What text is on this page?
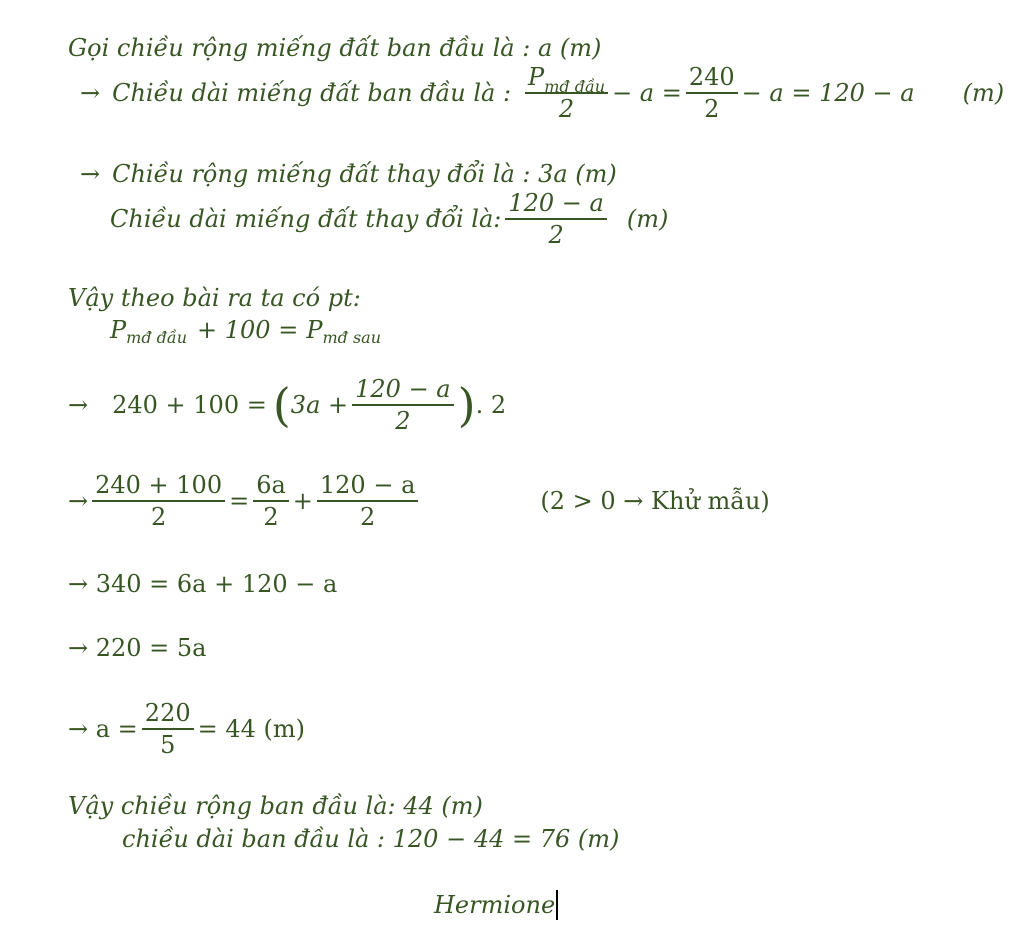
Gọi chiều rộng miếng đất ban đầu là : a (m)
→ Chiều dài miếng đất ban đầu là : $\frac{P_{mđ đầu}}{2} - a = \frac{240}{2} - a = 120 - a$ (m)
→ Chiều rộng miếng đất thay đổi là : 3a (m)
Chiều dài miếng đất thay đổi là: $\frac{120 - a}{2} (m)$
Vậy theo bài ra ta có pt:
P mđ đầu + 100 = P mđ sau
→ 240 + 100 = ( $3a + \frac{120 - a}{2}$ ) . 2
→ $\frac{240 + 100}{2} = \frac{6a}{2} + \frac{120 - a}{2}$	(2 > 0 → Khử mẫu)
→ 340 = 6a + 120 − a
→ 220 = 5a
→ $a = \frac{220}{5} = 44$ (m)
Vậy chiều rộng ban đầu là: 44 (m)
chiều dài ban đầu là : 120 − 44 = 76 (m)
Hermione
